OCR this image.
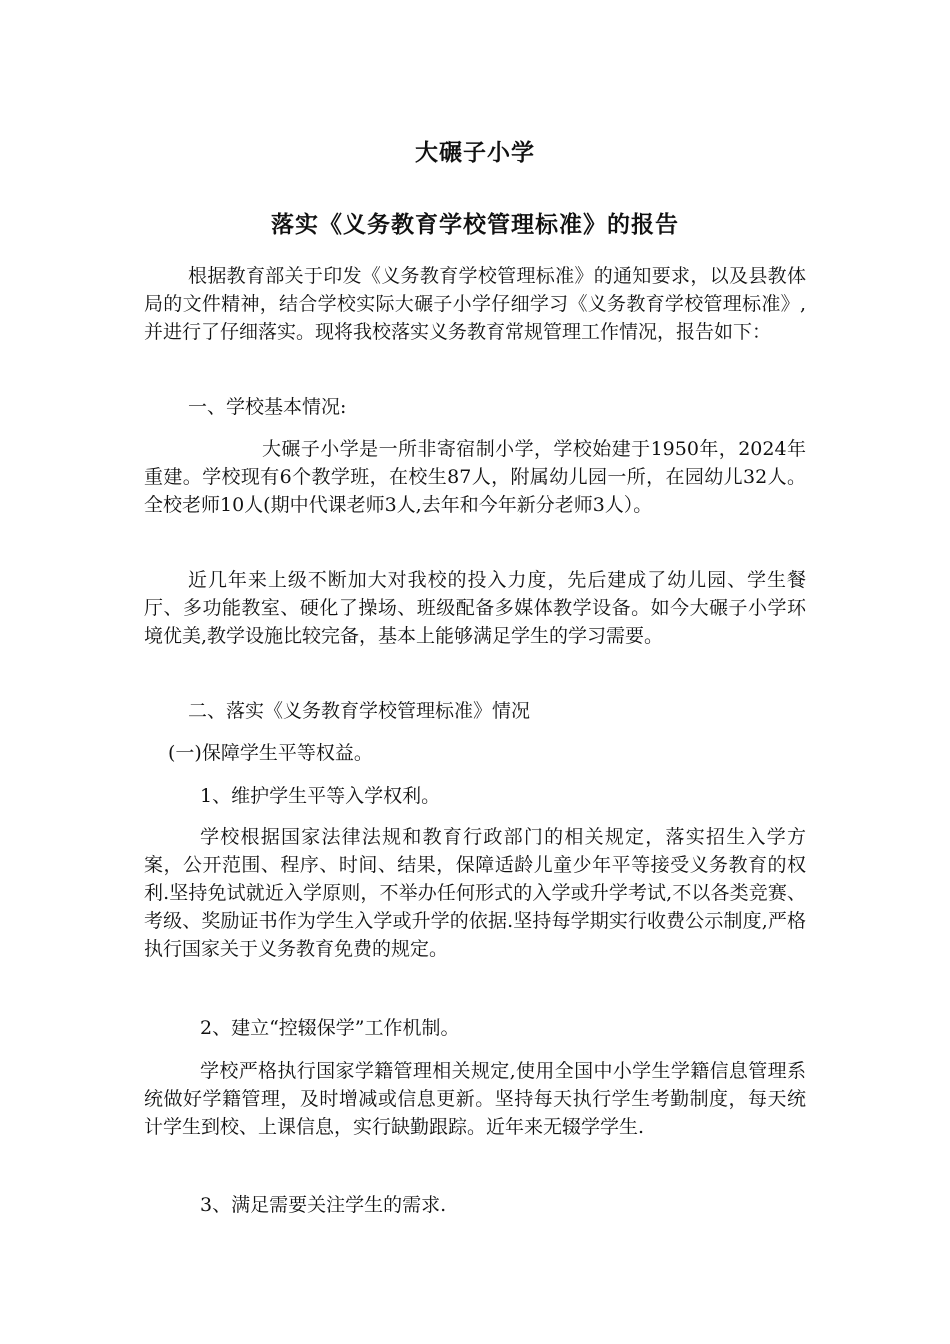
大碾子小学
落实《义务教育学校管理标准》的报告

根据教育部关于印发《义务教育学校管理标准》的通知要求，以及县教体局的文件精神，结合学校实际大碾子小学仔细学习《义务教育学校管理标准》,并进行了仔细落实。现将我校落实义务教育常规管理工作情况，报告如下：

一、学校基本情况:

大碾子小学是一所非寄宿制小学，学校始建于1950年，2024年重建。学校现有6个教学班，在校生87人，附属幼儿园一所，在园幼儿32人。全校老师10人(期中代课老师3人,去年和今年新分老师3人）。

近几年来上级不断加大对我校的投入力度，先后建成了幼儿园、学生餐厅、多功能教室、硬化了操场、班级配备多媒体教学设备。如今大碾子小学环境优美,教学设施比较完备，基本上能够满足学生的学习需要。

二、落实《义务教育学校管理标准》情况

(一)保障学生平等权益。

1、维护学生平等入学权利。

学校根据国家法律法规和教育行政部门的相关规定，落实招生入学方案，公开范围、程序、时间、结果，保障适龄儿童少年平等接受义务教育的权利.坚持免试就近入学原则，不举办任何形式的入学或升学考试,不以各类竞赛、考级、奖励证书作为学生入学或升学的依据.坚持每学期实行收费公示制度,严格执行国家关于义务教育免费的规定。

2、建立“控辍保学”工作机制。

学校严格执行国家学籍管理相关规定,使用全国中小学生学籍信息管理系统做好学籍管理，及时增减或信息更新。坚持每天执行学生考勤制度，每天统计学生到校、上课信息，实行缺勤跟踪。近年来无辍学学生.

3、满足需要关注学生的需求.
